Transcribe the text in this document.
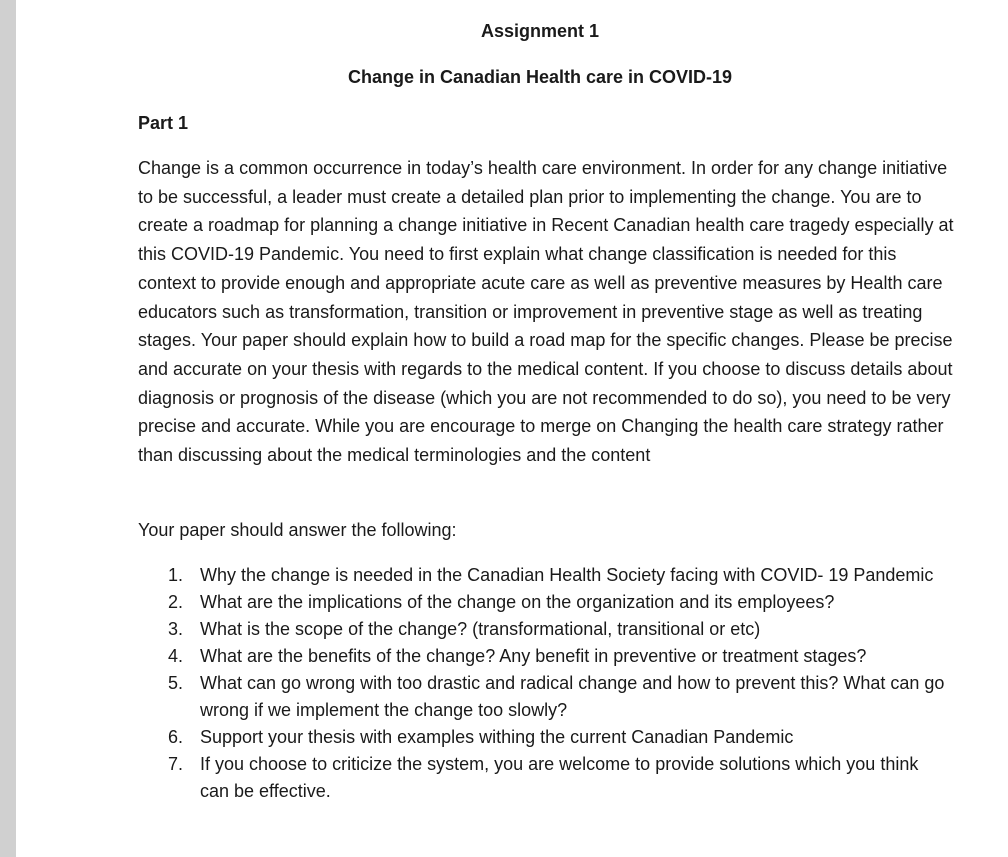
Assignment 1
Change in Canadian Health care in COVID-19
Part 1

Change is a common occurrence in today’s health care environment. In order for any change initiative to be successful, a leader must create a detailed plan prior to implementing the change. You are to create a roadmap for planning a change initiative in Recent Canadian health care tragedy especially at this COVID-19 Pandemic. You need to first explain what change classification is needed for this context to provide enough and appropriate acute care as well as preventive measures by Health care educators such as transformation, transition or improvement in preventive stage as well as treating stages. Your paper should explain how to build a road map for the specific changes. Please be precise and accurate on your thesis with regards to the medical content. If you choose to discuss details about diagnosis or prognosis of the disease (which you are not recommended to do so), you need to be very precise and accurate. While you are encourage to merge on Changing the health care strategy rather than discussing about the medical terminologies and the content

Your paper should answer the following:

1. Why the change is needed in the Canadian Health Society facing with COVID- 19 Pandemic
2. What are the implications of the change on the organization and its employees?
3. What is the scope of the change? (transformational, transitional or etc)
4. What are the benefits of the change? Any benefit in preventive or treatment stages?
5. What can go wrong with too drastic and radical change and how to prevent this? What can go wrong if we implement the change too slowly?
6. Support your thesis with examples withing the current Canadian Pandemic
7. If you choose to criticize the system, you are welcome to provide solutions which you think can be effective.
